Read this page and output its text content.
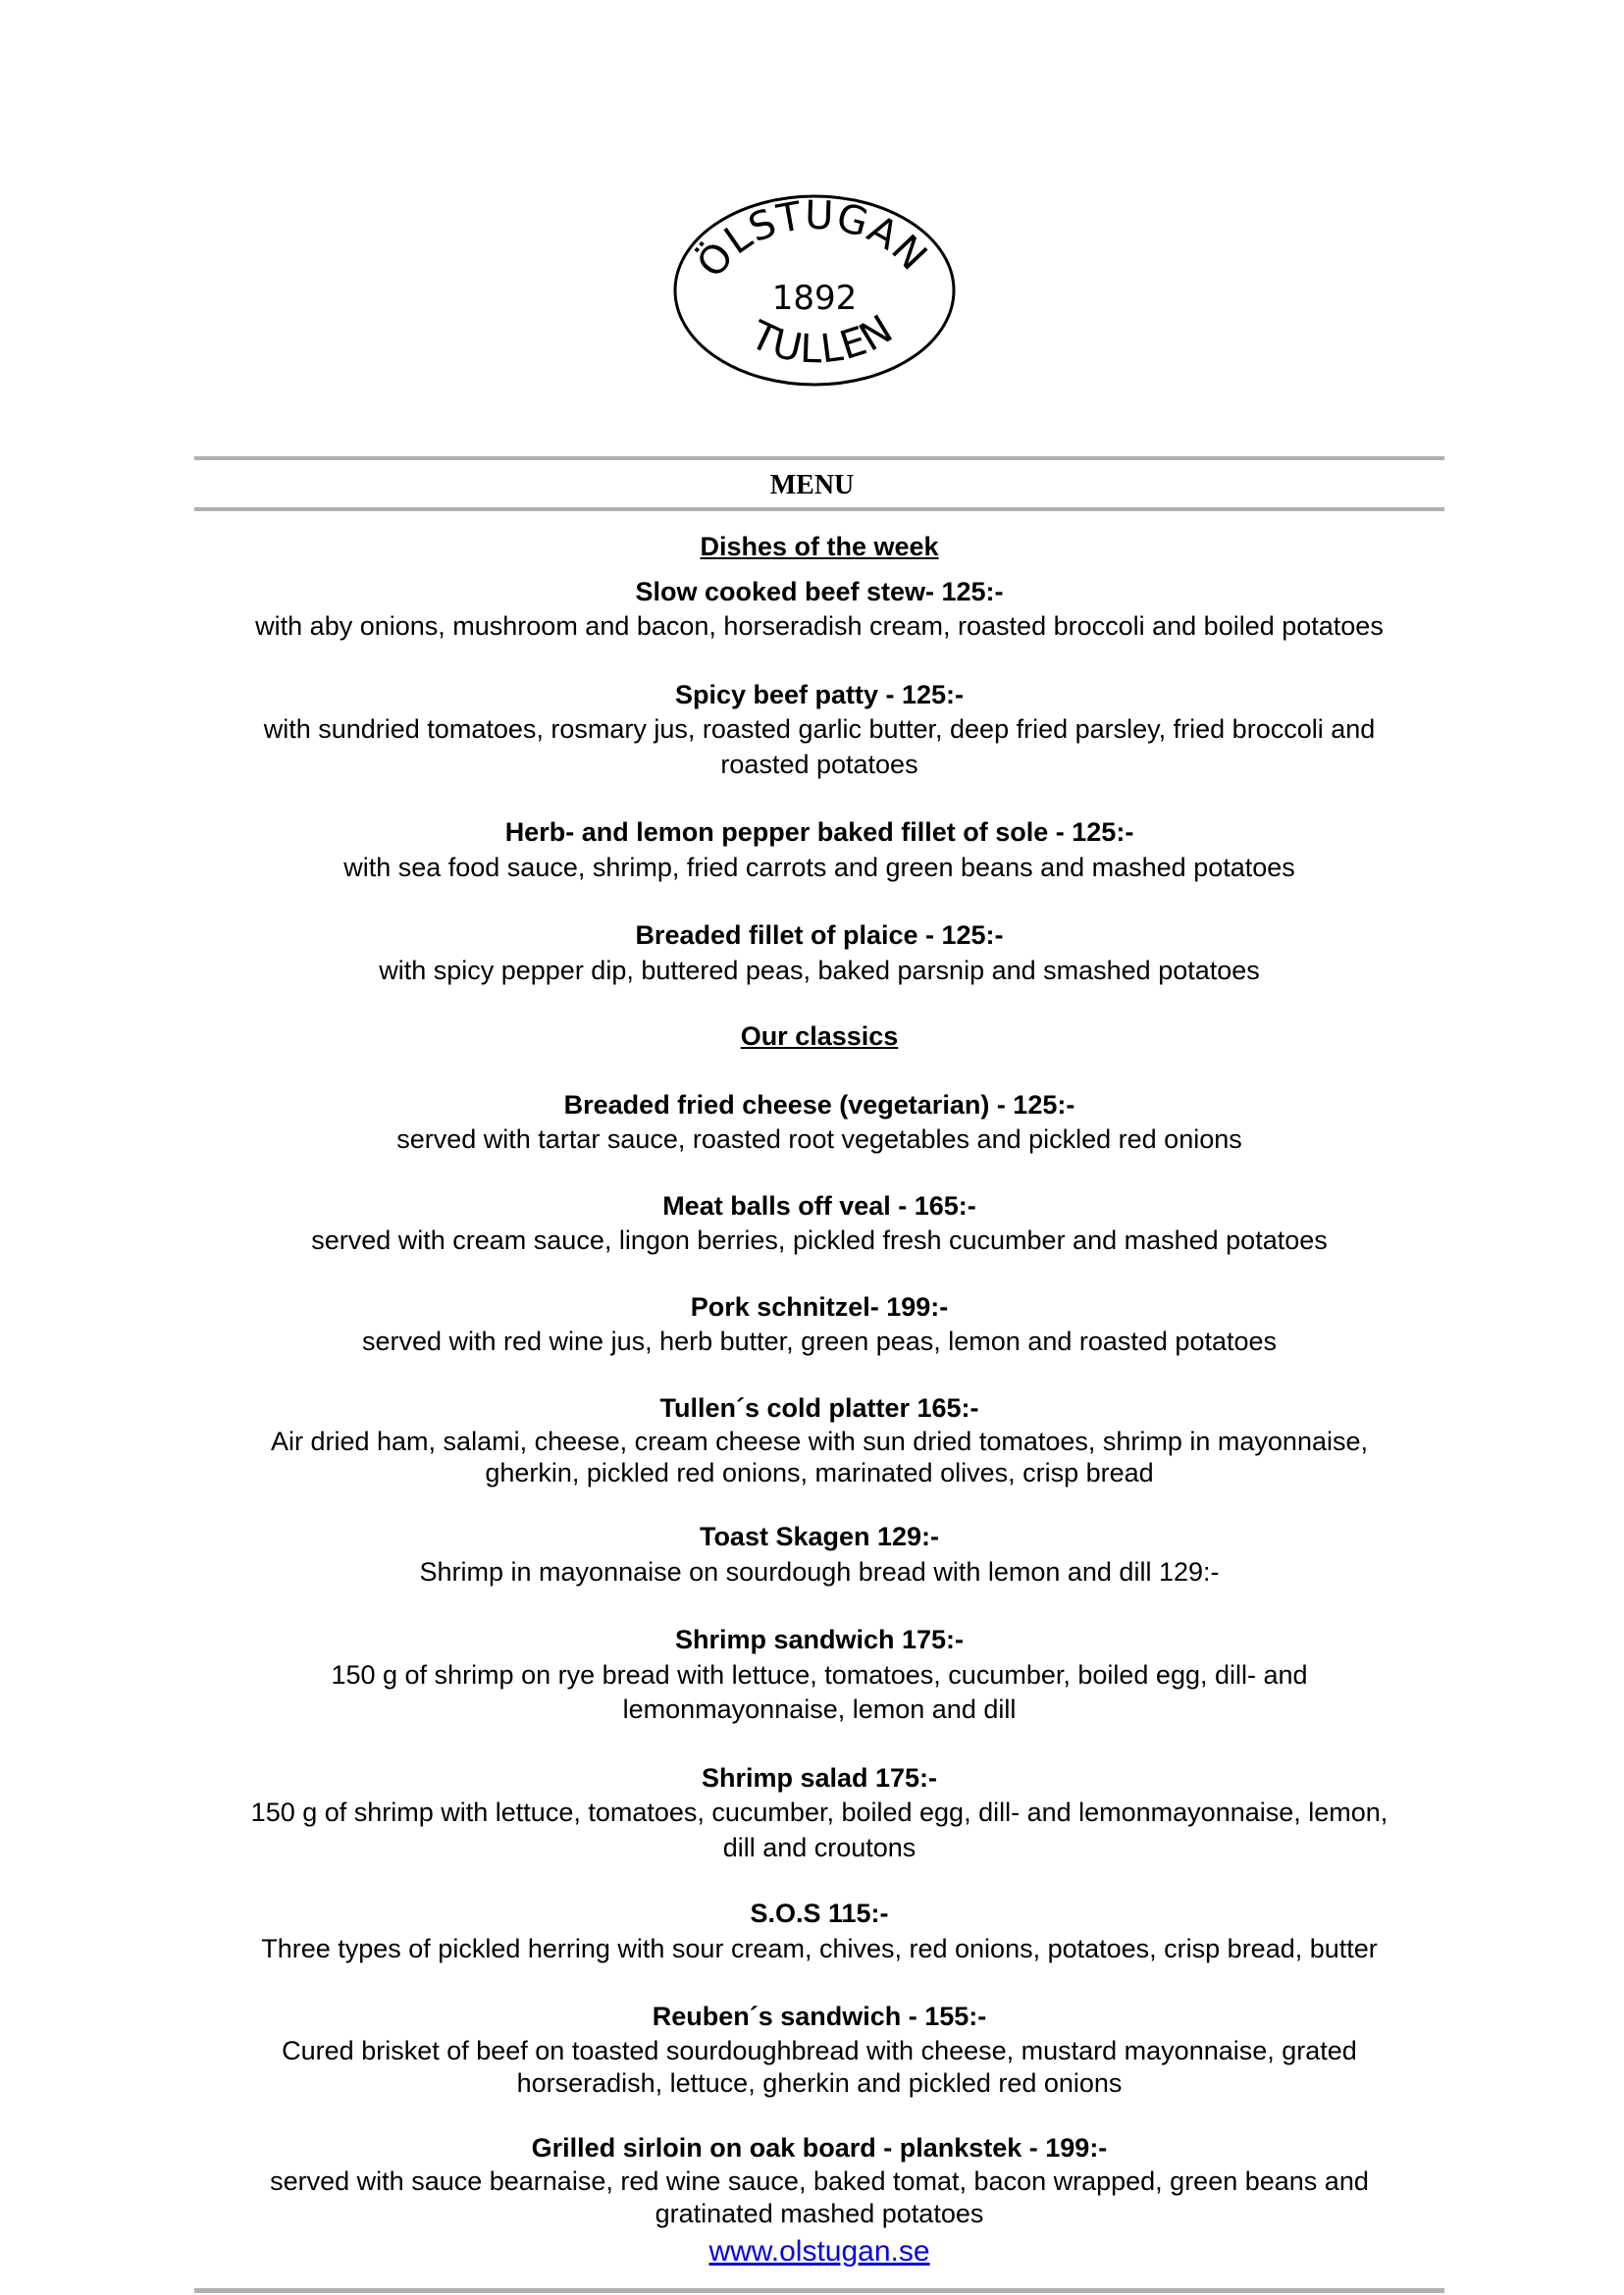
ÖLSTUGAN
1892
TULLEN
MENU
Dishes of the week
Slow cooked beef stew- 125:-
with aby onions, mushroom and bacon, horseradish cream, roasted broccoli and boiled potatoes
Spicy beef patty - 125:-
with sundried tomatoes, rosmary jus, roasted garlic butter, deep fried parsley, fried broccoli and roasted potatoes
Herb- and lemon pepper baked fillet of sole - 125:-
with sea food sauce, shrimp, fried carrots and green beans and mashed potatoes
Breaded fillet of plaice - 125:-
with spicy pepper dip, buttered peas, baked parsnip and smashed potatoes
Our classics
Breaded fried cheese (vegetarian) - 125:-
served with tartar sauce, roasted root vegetables and pickled red onions
Meat balls off veal - 165:-
served with cream sauce, lingon berries, pickled fresh cucumber and mashed potatoes
Pork schnitzel- 199:-
served with red wine jus, herb butter, green peas, lemon and roasted potatoes
Tullen´s cold platter 165:-
Air dried ham, salami, cheese, cream cheese with sun dried tomatoes, shrimp in mayonnaise, gherkin, pickled red onions, marinated olives, crisp bread
Toast Skagen 129:-
Shrimp in mayonnaise on sourdough bread with lemon and dill 129:-
Shrimp sandwich 175:-
150 g of shrimp on rye bread with lettuce, tomatoes, cucumber, boiled egg, dill- and lemonmayonnaise, lemon and dill
Shrimp salad 175:-
150 g of shrimp with lettuce, tomatoes, cucumber, boiled egg, dill- and lemonmayonnaise, lemon, dill and croutons
S.O.S 115:-
Three types of pickled herring with sour cream, chives, red onions, potatoes, crisp bread, butter
Reuben´s sandwich - 155:-
Cured brisket of beef on toasted sourdoughbread with cheese, mustard mayonnaise, grated horseradish, lettuce, gherkin and pickled red onions
Grilled sirloin on oak board - plankstek - 199:-
served with sauce bearnaise, red wine sauce, baked tomat, bacon wrapped, green beans and gratinated mashed potatoes
www.olstugan.se
